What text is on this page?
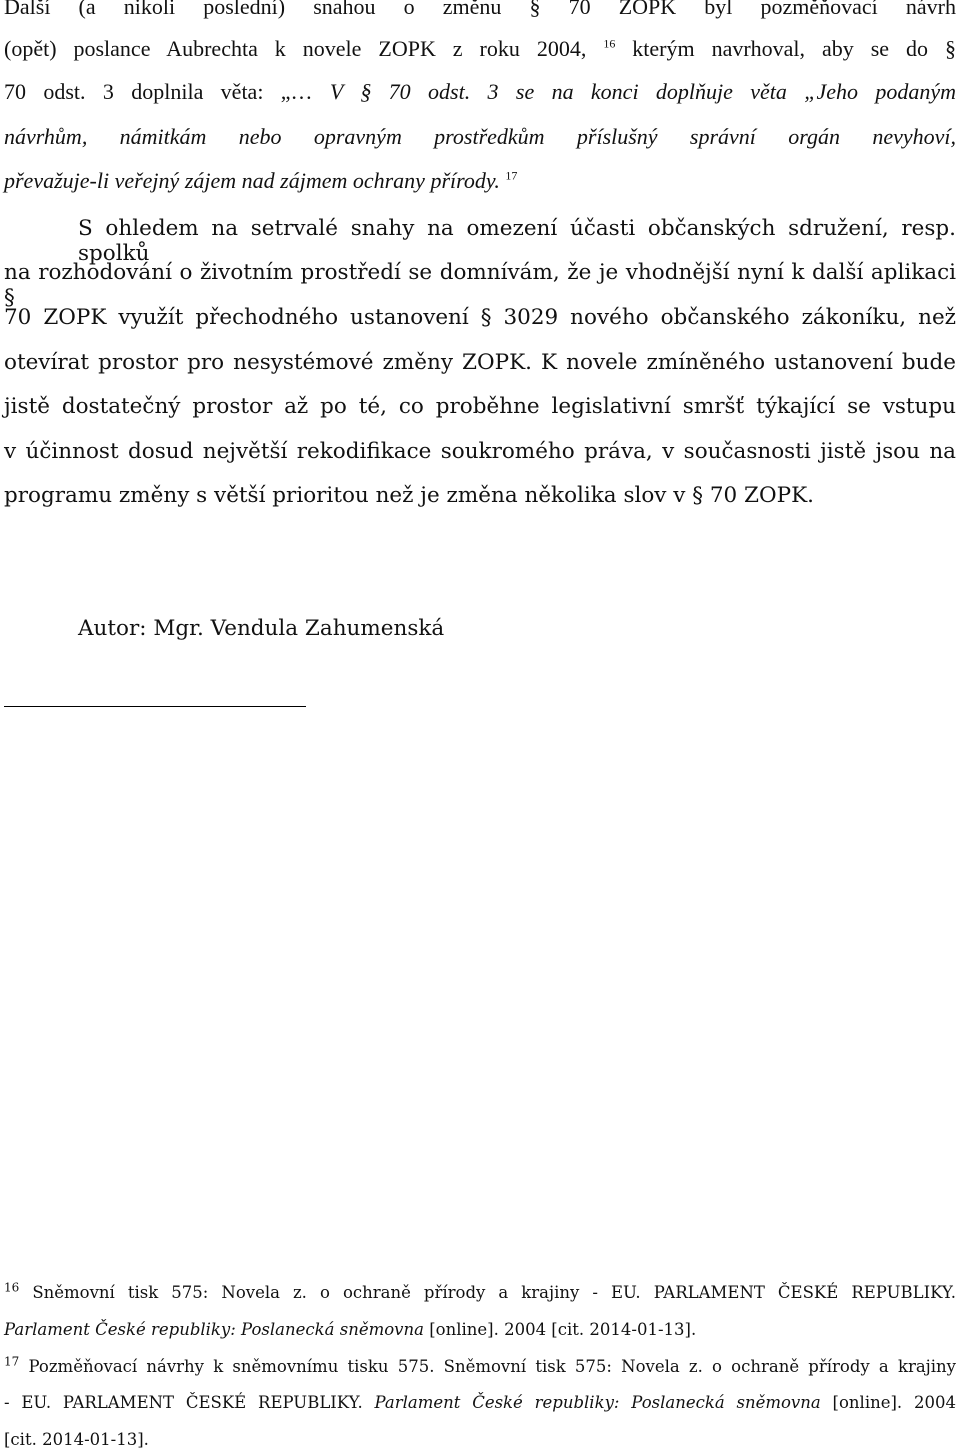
Další (a nikoli poslední) snahou o změnu § 70 ZOPK byl pozměňovací návrh

(opět) poslance Aubrechta k novele ZOPK z roku 2004, $^{16}$ kterým navrhoval, aby se do §

70 odst. 3 doplnila věta: „… V § 70 odst. 3 se na konci doplňuje věta „Jeho podaným

návrhům, námitkám nebo opravným prostředkům příslušný správní orgán nevyhoví,

převažuje-li veřejný zájem nad zájmem ochrany přírody. $^{17}$

S ohledem na setrvalé snahy na omezení účasti občanských sdružení, resp. spolků

na rozhodování o životním prostředí se domnívám, že je vhodnější nyní k další aplikaci §

70 ZOPK využít přechodného ustanovení § 3029 nového občanského zákoníku, než

otevírat prostor pro nesystémové změny ZOPK. K novele zmíněného ustanovení bude

jistě dostatečný prostor až po té, co proběhne legislativní smršť týkající se vstupu

v účinnost dosud největší rekodifikace soukromého práva, v současnosti jistě jsou na

programu změny s větší prioritou než je změna několika slov v § 70 ZOPK.

Autor: Mgr. Vendula Zahumenská

$^{16}$ Sněmovní tisk 575: Novela z. o ochraně přírody a krajiny - EU. PARLAMENT ČESKÉ REPUBLIKY.

Parlament České republiky: Poslanecká sněmovna [online]. 2004 [cit. 2014-01-13].

$^{17}$ Pozměňovací návrhy k sněmovnímu tisku 575. Sněmovní tisk 575: Novela z. o ochraně přírody a krajiny

- EU. PARLAMENT ČESKÉ REPUBLIKY. Parlament České republiky: Poslanecká sněmovna [online]. 2004

[cit. 2014-01-13].
